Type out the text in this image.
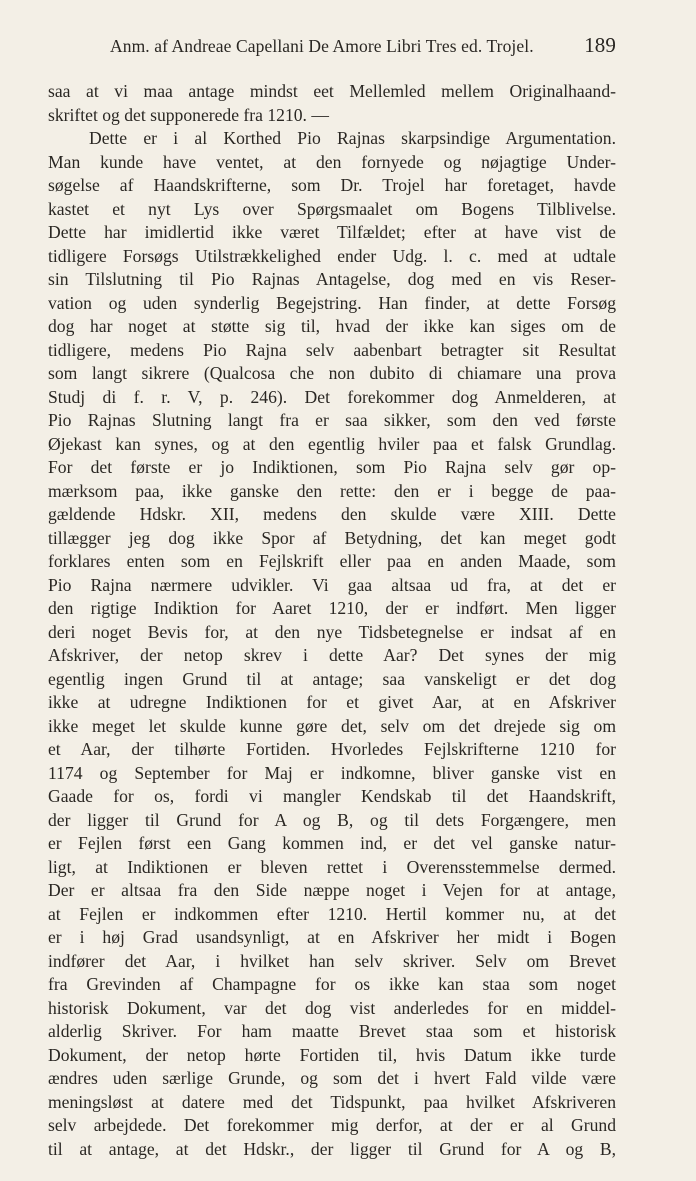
Anm. af Andreae Capellani De Amore Libri Tres ed. Trojel. 189
saa at vi maa antage mindst eet Mellemled mellem Originalhaand-
skriftet og det supponerede fra 1210. —
Dette er i al Korthed Pio Rajnas skarpsindige Argumentation.
Man kunde have ventet, at den fornyede og nøjagtige Under-
søgelse af Haandskrifterne, som Dr. Trojel har foretaget, havde
kastet et nyt Lys over Spørgsmaalet om Bogens Tilblivelse.
Dette har imidlertid ikke været Tilfældet; efter at have vist de
tidligere Forsøgs Utilstrækkelighed ender Udg. l. c. med at udtale
sin Tilslutning til Pio Rajnas Antagelse, dog med en vis Reser-
vation og uden synderlig Begejstring. Han finder, at dette Forsøg
dog har noget at støtte sig til, hvad der ikke kan siges om de
tidligere, medens Pio Rajna selv aabenbart betragter sit Resultat
som langt sikrere (Qualcosa che non dubito di chiamare una prova
Studj di f. r. V, p. 246). Det forekommer dog Anmelderen, at
Pio Rajnas Slutning langt fra er saa sikker, som den ved første
Øjekast kan synes, og at den egentlig hviler paa et falsk Grundlag.
For det første er jo Indiktionen, som Pio Rajna selv gør op-
mærksom paa, ikke ganske den rette: den er i begge de paa-
gældende Hdskr. XII, medens den skulde være XIII. Dette
tillægger jeg dog ikke Spor af Betydning, det kan meget godt
forklares enten som en Fejlskrift eller paa en anden Maade, som
Pio Rajna nærmere udvikler. Vi gaa altsaa ud fra, at det er
den rigtige Indiktion for Aaret 1210, der er indført. Men ligger
deri noget Bevis for, at den nye Tidsbetegnelse er indsat af en
Afskriver, der netop skrev i dette Aar? Det synes der mig
egentlig ingen Grund til at antage; saa vanskeligt er det dog
ikke at udregne Indiktionen for et givet Aar, at en Afskriver
ikke meget let skulde kunne gøre det, selv om det drejede sig om
et Aar, der tilhørte Fortiden. Hvorledes Fejlskrifterne 1210 for
1174 og September for Maj er indkomne, bliver ganske vist en
Gaade for os, fordi vi mangler Kendskab til det Haandskrift,
der ligger til Grund for A og B, og til dets Forgængere, men
er Fejlen først een Gang kommen ind, er det vel ganske natur-
ligt, at Indiktionen er bleven rettet i Overensstemmelse dermed.
Der er altsaa fra den Side næppe noget i Vejen for at antage,
at Fejlen er indkommen efter 1210. Hertil kommer nu, at det
er i høj Grad usandsynligt, at en Afskriver her midt i Bogen
indfører det Aar, i hvilket han selv skriver. Selv om Brevet
fra Grevinden af Champagne for os ikke kan staa som noget
historisk Dokument, var det dog vist anderledes for en middel-
alderlig Skriver. For ham maatte Brevet staa som et historisk
Dokument, der netop hørte Fortiden til, hvis Datum ikke turde
ændres uden særlige Grunde, og som det i hvert Fald vilde være
meningsløst at datere med det Tidspunkt, paa hvilket Afskriveren
selv arbejdede. Det forekommer mig derfor, at der er al Grund
til at antage, at det Hdskr., der ligger til Grund for A og B,
